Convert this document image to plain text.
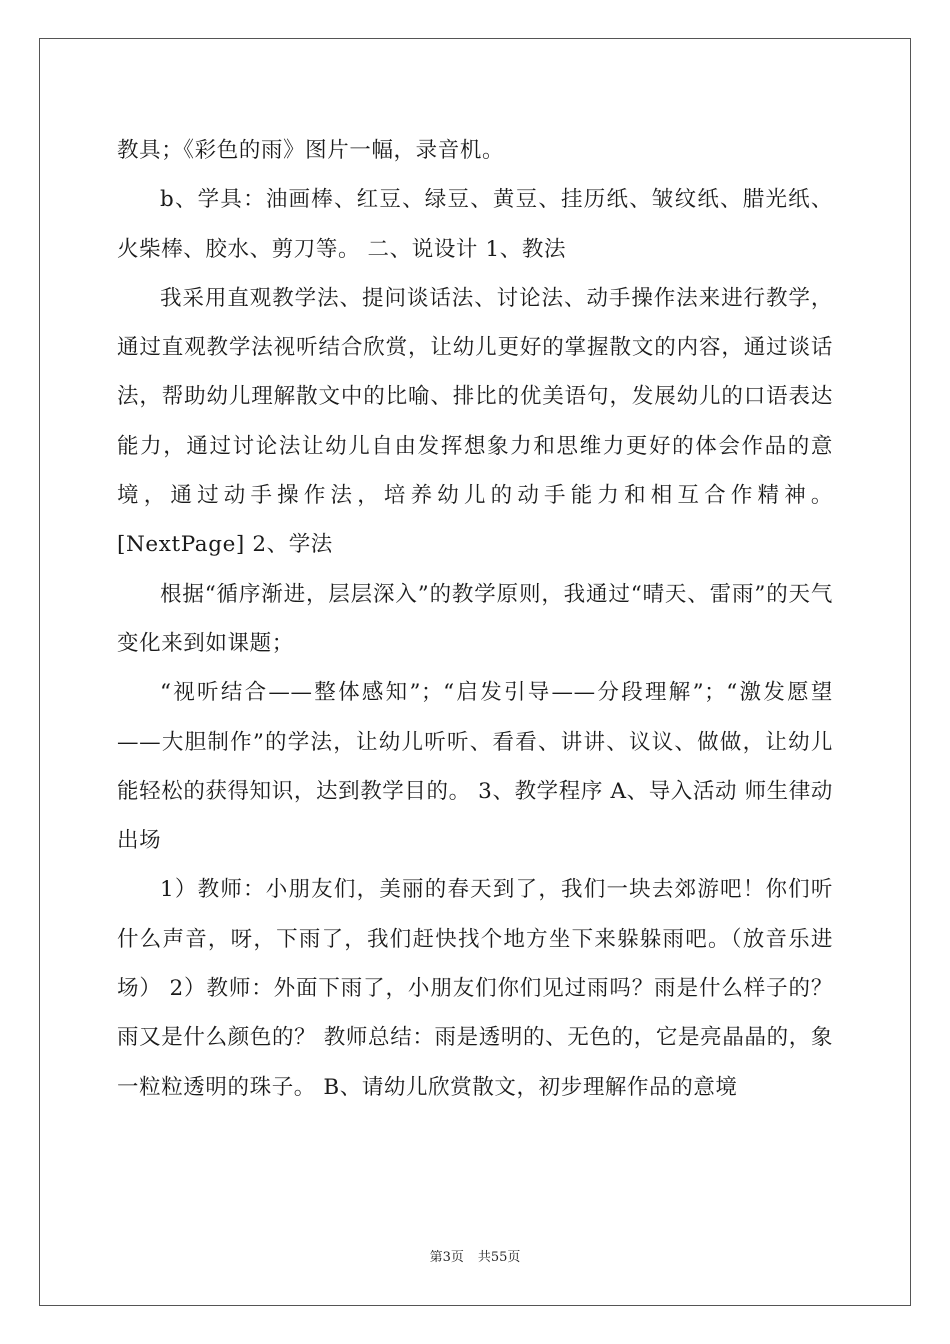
教具；《彩色的雨》图片一幅，录音机。

b、学具：油画棒、红豆、绿豆、黄豆、挂历纸、皱纹纸、腊光纸、火柴棒、胶水、剪刀等。 二、说设计 1、教法

我采用直观教学法、提问谈话法、讨论法、动手操作法来进行教学，通过直观教学法视听结合欣赏，让幼儿更好的掌握散文的内容，通过谈话法，帮助幼儿理解散文中的比喻、排比的优美语句，发展幼儿的口语表达能力，通过讨论法让幼儿自由发挥想象力和思维力更好的体会作品的意境，通过动手操作法，培养幼儿的动手能力和相互合作精神。 [NextPage] 2、学法

根据“循序渐进，层层深入”的教学原则，我通过“晴天、雷雨”的天气变化来到如课题；

“视听结合——整体感知”；“启发引导——分段理解”；“激发愿望——大胆制作”的学法，让幼儿听听、看看、讲讲、议议、做做，让幼儿能轻松的获得知识，达到教学目的。 3、教学程序 A、导入活动 师生律动出场

1）教师：小朋友们，美丽的春天到了，我们一块去郊游吧！你们听什么声音，呀，下雨了，我们赶快找个地方坐下来躲躲雨吧。（放音乐进场） 2）教师：外面下雨了，小朋友们你们见过雨吗？雨是什么样子的？雨又是什么颜色的？ 教师总结：雨是透明的、无色的，它是亮晶晶的，象一粒粒透明的珠子。 B、请幼儿欣赏散文，初步理解作品的意境

第3页 共55页
